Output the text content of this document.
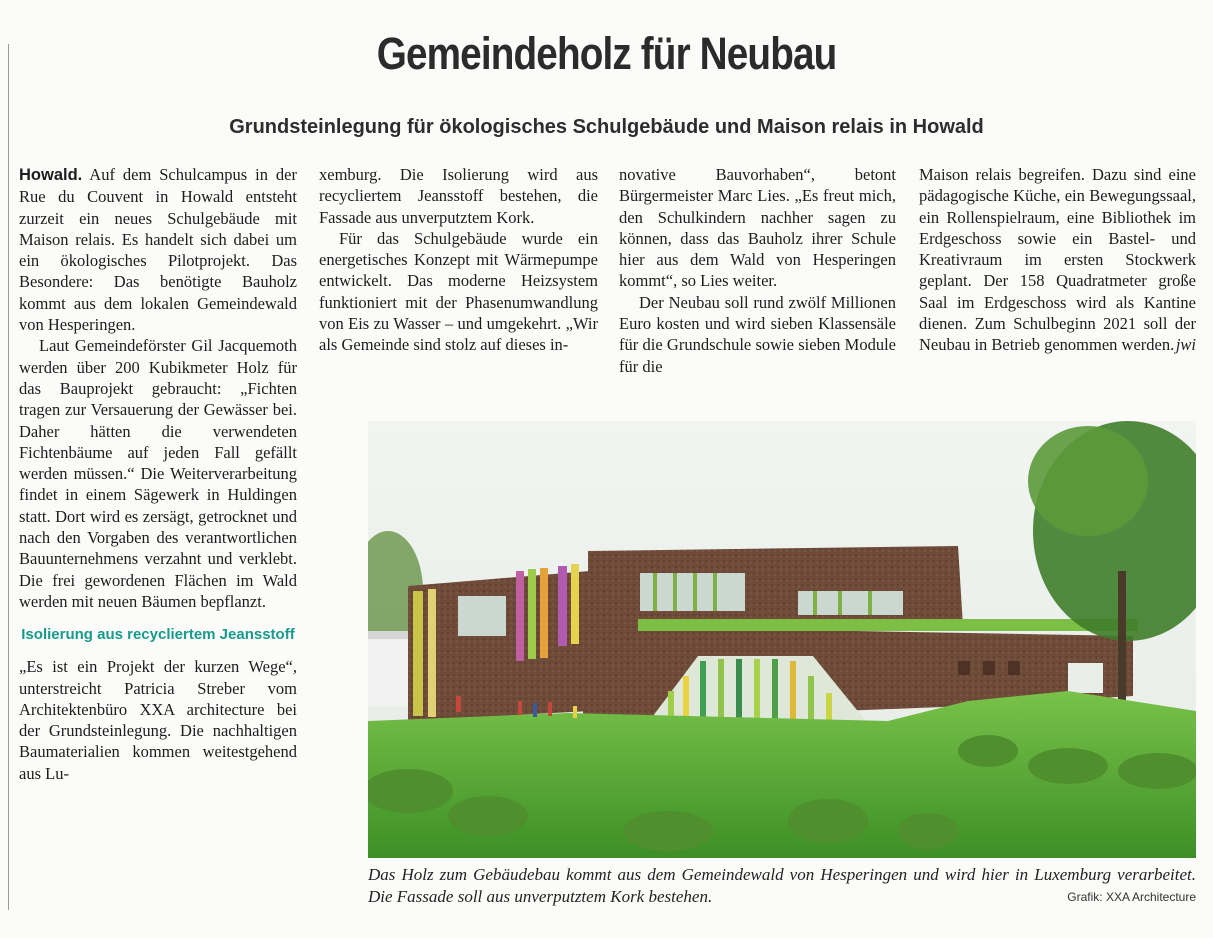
Gemeindeholz für Neubau
Grundsteinlegung für ökologisches Schulgebäude und Maison relais in Howald

Howald. Auf dem Schulcampus in der Rue du Couvent in Howald entsteht zurzeit ein neues Schulgebäude mit Maison relais. Es handelt sich dabei um ein ökologisches Pilotprojekt. Das Besondere: Das benötigte Bauholz kommt aus dem lokalen Gemeindewald von Hesperingen.

Laut Gemeindeförster Gil Jacquemoth werden über 200 Kubikmeter Holz für das Bauprojekt gebraucht: „Fichten tragen zur Versauerung der Gewässer bei. Daher hätten die verwendeten Fichtenbäume auf jeden Fall gefällt werden müssen.“ Die Weiterverarbeitung findet in einem Sägewerk in Huldingen statt. Dort wird es zersägt, getrocknet und nach den Vorgaben des verantwortlichen Bauunternehmens verzahnt und verklebt. Die frei gewordenen Flächen im Wald werden mit neuen Bäumen bepflanzt.

Isolierung aus recycliertem Jeansstoff

„Es ist ein Projekt der kurzen Wege“, unterstreicht Patricia Streber vom Architektenbüro XXA architecture bei der Grundsteinlegung. Die nachhaltigen Baumaterialien kommen weitestgehend aus Lu-

xemburg. Die Isolierung wird aus recycliertem Jeansstoff bestehen, die Fassade aus unverputztem Kork.

Für das Schulgebäude wurde ein energetisches Konzept mit Wärmepumpe entwickelt. Das moderne Heizsystem funktioniert mit der Phasenumwandlung von Eis zu Wasser – und umgekehrt. „Wir als Gemeinde sind stolz auf dieses in-

novative Bauvorhaben“, betont Bürgermeister Marc Lies. „Es freut mich, den Schulkindern nachher sagen zu können, dass das Bauholz ihrer Schule hier aus dem Wald von Hesperingen kommt“, so Lies weiter.

Der Neubau soll rund zwölf Millionen Euro kosten und wird sieben Klassensäle für die Grundschule sowie sieben Module für die

Maison relais begreifen. Dazu sind eine pädagogische Küche, ein Bewegungssaal, ein Rollenspielraum, eine Bibliothek im Erdgeschoss sowie ein Bastel- und Kreativraum im ersten Stockwerk geplant. Der 158 Quadratmeter große Saal im Erdgeschoss wird als Kantine dienen. Zum Schulbeginn 2021 soll der Neubau in Betrieb genommen werden. jwi

Das Holz zum Gebäudebau kommt aus dem Gemeindewald von Hesperingen und wird hier in Luxemburg verarbeitet. Die Fassade soll aus unverputztem Kork bestehen.	Grafik: XXA Architecture
